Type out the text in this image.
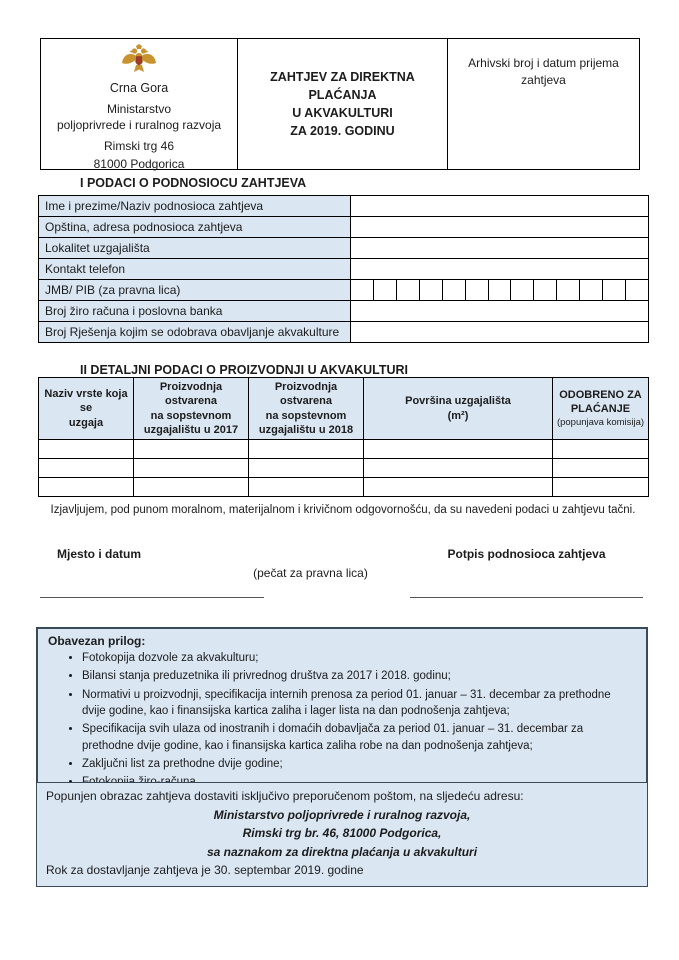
Crna Gora
Ministarstvo
poljoprivrede i ruralnog razvoja
Rimski trg 46
81000 Podgorica
ZAHTJEV ZA DIREKTNA PLAĆANJA
U AKVAKULTURI
ZA 2019. GODINU
Arhivski broj i datum prijema zahtjeva
I PODACI O PODNOSIOCU ZAHTJEVA
Ime i prezime/Naziv podnosioca zahtjeva	
Opština, adresa podnosioca zahtjeva	
Lokalitet uzgajališta	
Kontakt telefon	
JMB/ PIB (za pravna lica)	

Broj žiro računa i poslovna banka	
Broj Rješenja kojim se odobrava obavljanje akvakulture	
II DETALJNI PODACI O PROIZVODNJI U AKVAKULTURI
Naziv vrste koja se
uzgaja

Proizvodnja ostvarena
na sopstevnom
uzgajalištu u 2017

Proizvodnja ostvarena
na sopstevnom
uzgajalištu u 2018

Površina uzgajališta
(m²)

ODOBRENO ZA
PLAĆANJE
(popunjava komisija)

Izjavljujem, pod punom moralnom, materijalnom i krivičnom odgovornošću, da su navedeni podaci u zahtjevu tačni.
Mjesto i datum	Potpis podnosioca zahtjeva
(pečat za pravna lica)
Obavezan prilog:
• Fotokopija dozvole za akvakulturu;
• Bilansi stanja preduzetnika ili privrednog društva za 2017 i 2018. godinu;
• Normativi u proizvodnji, specifikacija internih prenosa za period 01. januar – 31. decembar za prethodne dvije godine, kao i finansijska kartica zaliha i lager lista na dan podnošenja zahtjeva;
• Specifikacija svih ulaza od inostranih i domaćih dobavljača za period 01. januar – 31. decembar za prethodne dvije godine, kao i finansijska kartica zaliha robe na dan podnošenja zahtjeva;
• Zaključni list za prethodne dvije godine;
•
Popunjen obrazac zahtjeva dostaviti isključivo preporučenom poštom, na sljedeću adresu:
Ministarstvo poljoprivrede i ruralnog razvoja,
Rimski trg br. 46, 81000 Podgorica,
sa naznakom za direktna plaćanja u akvakulturi
Rok za dostavljanje zahtjeva je 30. septembar 2019. godine
